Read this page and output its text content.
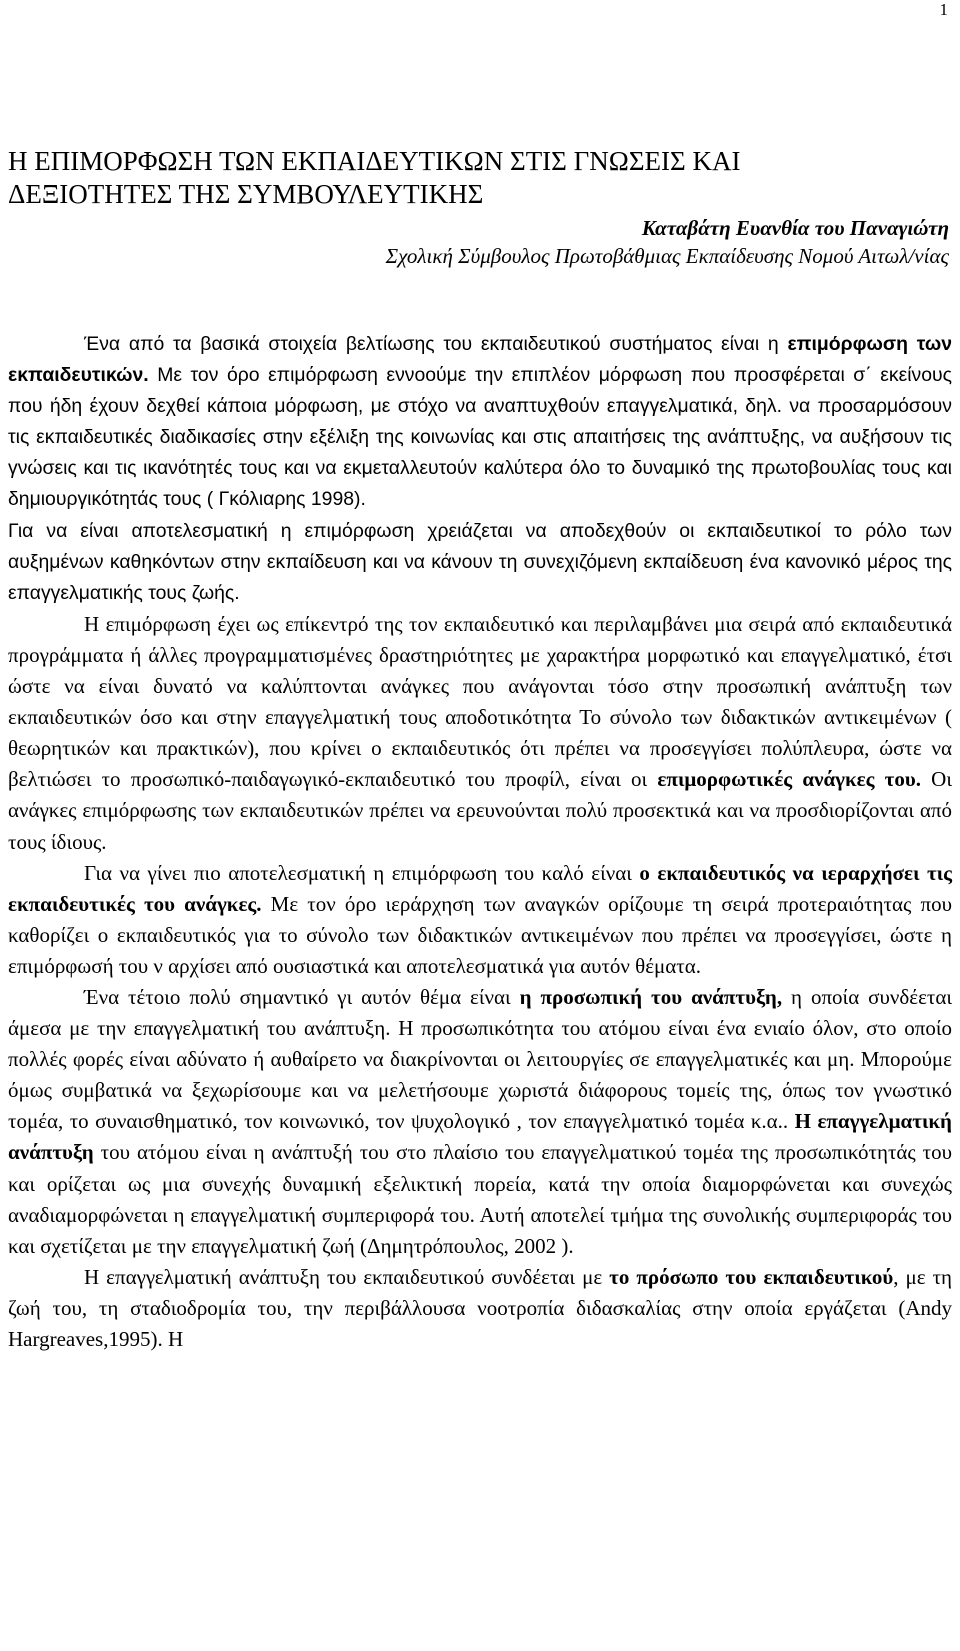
1
Η ΕΠΙΜΟΡΦΩΣΗ ΤΩΝ ΕΚΠΑΙΔΕΥΤΙΚΩΝ ΣΤΙΣ ΓΝΩΣΕΙΣ ΚΑΙ
ΔΕΞΙΟΤΗΤΕΣ ΤΗΣ ΣΥΜΒΟΥΛΕΥΤΙΚΗΣ
Καταβάτη Ευανθία του Παναγιώτη
Σχολική Σύμβουλος Πρωτοβάθμιας Εκπαίδευσης Νομού Αιτωλ/νίας

Ένα από τα βασικά στοιχεία βελτίωσης του εκπαιδευτικού συστήματος είναι η επιμόρφωση των εκπαιδευτικών. Με τον όρο επιμόρφωση εννοούμε την επιπλέον μόρφωση που προσφέρεται σ΄ εκείνους που ήδη έχουν δεχθεί κάποια μόρφωση, με στόχο να αναπτυχθούν επαγγελματικά, δηλ. να προσαρμόσουν τις εκπαιδευτικές διαδικασίες στην εξέλιξη της κοινωνίας και στις απαιτήσεις της ανάπτυξης, να αυξήσουν τις γνώσεις και τις ικανότητές τους και να εκμεταλλευτούν καλύτερα όλο το δυναμικό της πρωτοβουλίας τους και δημιουργικότητάς τους ( Γκόλιαρης 1998).

Για να είναι αποτελεσματική η επιμόρφωση χρειάζεται να αποδεχθούν οι εκπαιδευτικοί το ρόλο των αυξημένων καθηκόντων στην εκπαίδευση και να κάνουν τη συνεχιζόμενη εκπαίδευση ένα κανονικό μέρος της επαγγελματικής τους ζωής.

Η επιμόρφωση έχει ως επίκεντρό της τον εκπαιδευτικό και περιλαμβάνει μια σειρά από εκπαιδευτικά προγράμματα ή άλλες προγραμματισμένες δραστηριότητες με χαρακτήρα μορφωτικό και επαγγελματικό, έτσι ώστε να είναι δυνατό να καλύπτονται ανάγκες που ανάγονται τόσο στην προσωπική ανάπτυξη των εκπαιδευτικών όσο και στην επαγγελματική τους αποδοτικότητα Το σύνολο των διδακτικών αντικειμένων ( θεωρητικών και πρακτικών), που κρίνει ο εκπαιδευτικός ότι πρέπει να προσεγγίσει πολύπλευρα, ώστε να βελτιώσει το προσωπικό-παιδαγωγικό-εκπαιδευτικό του προφίλ, είναι οι επιμορφωτικές ανάγκες του. Οι ανάγκες επιμόρφωσης των εκπαιδευτικών πρέπει να ερευνούνται πολύ προσεκτικά και να προσδιορίζονται από τους ίδιους.

Για να γίνει πιο αποτελεσματική η επιμόρφωση του καλό είναι ο εκπαιδευτικός να ιεραρχήσει τις εκπαιδευτικές του ανάγκες. Με τον όρο ιεράρχηση των αναγκών ορίζουμε τη σειρά προτεραιότητας που καθορίζει ο εκπαιδευτικός για το σύνολο των διδακτικών αντικειμένων που πρέπει να προσεγγίσει, ώστε η επιμόρφωσή του ν αρχίσει από ουσιαστικά και αποτελεσματικά για αυτόν θέματα.

Ένα τέτοιο πολύ σημαντικό γι αυτόν θέμα είναι η προσωπική του ανάπτυξη, η οποία συνδέεται άμεσα με την επαγγελματική του ανάπτυξη. Η προσωπικότητα του ατόμου είναι ένα ενιαίο όλον, στο οποίο πολλές φορές είναι αδύνατο ή αυθαίρετο να διακρίνονται οι λειτουργίες σε επαγγελματικές και μη. Μπορούμε όμως συμβατικά να ξεχωρίσουμε και να μελετήσουμε χωριστά διάφορους τομείς της, όπως τον γνωστικό τομέα, το συναισθηματικό, τον κοινωνικό, τον ψυχολογικό , τον επαγγελματικό τομέα κ.α.. Η επαγγελματική ανάπτυξη του ατόμου είναι η ανάπτυξή του στο πλαίσιο του επαγγελματικού τομέα της προσωπικότητάς του και ορίζεται ως μια συνεχής δυναμική εξελικτική πορεία, κατά την οποία διαμορφώνεται και συνεχώς αναδιαμορφώνεται η επαγγελματική συμπεριφορά του. Αυτή αποτελεί τμήμα της συνολικής συμπεριφοράς του και σχετίζεται με την επαγγελματική ζωή (Δημητρόπουλος, 2002 ).

Η επαγγελματική ανάπτυξη του εκπαιδευτικού συνδέεται με το πρόσωπο του εκπαιδευτικού, με τη ζωή του, τη σταδιοδρομία του, την περιβάλλουσα νοοτροπία διδασκαλίας στην οποία εργάζεται (Andy Hargreaves,1995). Η
